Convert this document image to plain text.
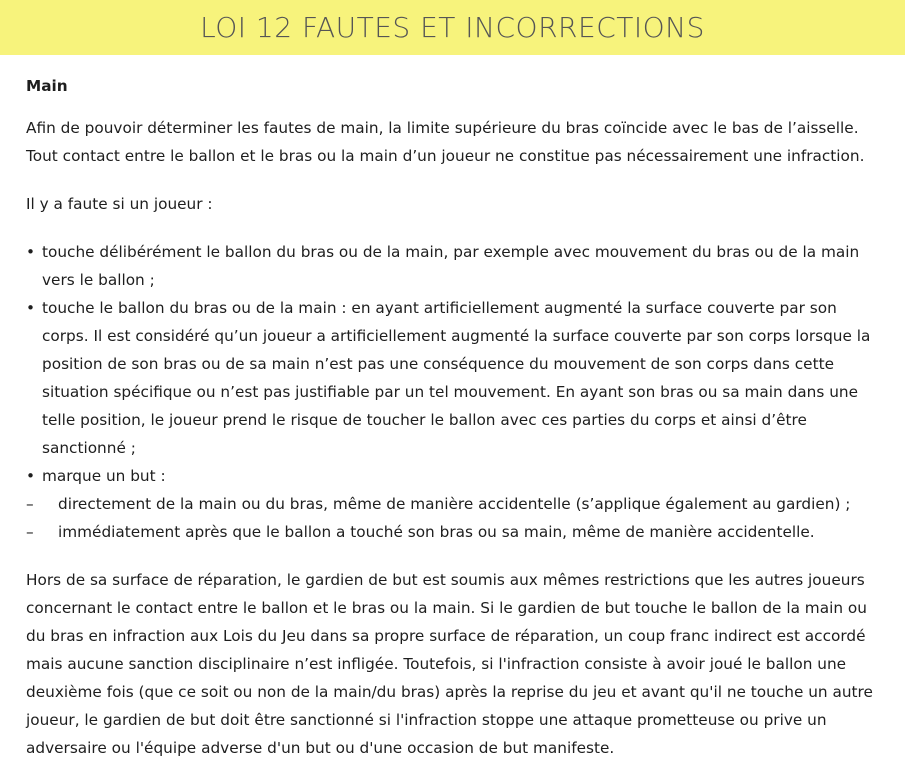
LOI 12 FAUTES ET INCORRECTIONS
Main

Afin de pouvoir déterminer les fautes de main, la limite supérieure du bras coïncide avec le bas de l’aisselle. Tout contact entre le ballon et le bras ou la main d’un joueur ne constitue pas nécessairement une infraction.

Il y a faute si un joueur :

• touche délibérément le ballon du bras ou de la main, par exemple avec mouvement du bras ou de la main vers le ballon ;
• touche le ballon du bras ou de la main : en ayant artificiellement augmenté la surface couverte par son corps. Il est considéré qu’un joueur a artificiellement augmenté la surface couverte par son corps lorsque la position de son bras ou de sa main n’est pas une conséquence du mouvement de son corps dans cette situation spécifique ou n’est pas justifiable par un tel mouvement. En ayant son bras ou sa main dans une telle position, le joueur prend le risque de toucher le ballon avec ces parties du corps et ainsi d’être sanctionné ;
• marque un but :
– directement de la main ou du bras, même de manière accidentelle (s’applique également au gardien) ;
– immédiatement après que le ballon a touché son bras ou sa main, même de manière accidentelle.

Hors de sa surface de réparation, le gardien de but est soumis aux mêmes restrictions que les autres joueurs concernant le contact entre le ballon et le bras ou la main. Si le gardien de but touche le ballon de la main ou du bras en infraction aux Lois du Jeu dans sa propre surface de réparation, un coup franc indirect est accordé mais aucune sanction disciplinaire n’est infligée. Toutefois, si l'infraction consiste à avoir joué le ballon une deuxième fois (que ce soit ou non de la main/du bras) après la reprise du jeu et avant qu'il ne touche un autre joueur, le gardien de but doit être sanctionné si l'infraction stoppe une attaque prometteuse ou prive un adversaire ou l'équipe adverse d'un but ou d'une occasion de but manifeste.
